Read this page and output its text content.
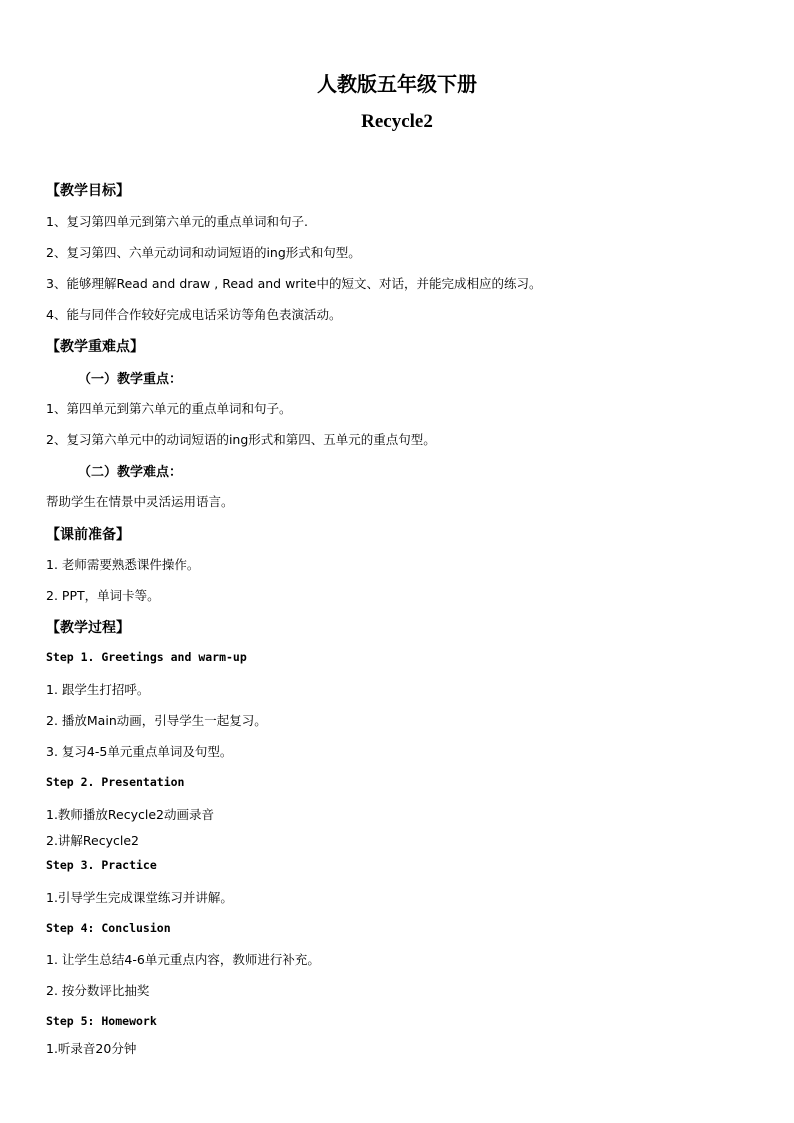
人教版五年级下册
Recycle2
【教学目标】
1、复习第四单元到第六单元的重点单词和句子.
2、复习第四、六单元动词和动词短语的ing形式和句型。
3、能够理解Read and draw , Read and write中的短文、对话，并能完成相应的练习。
4、能与同伴合作较好完成电话采访等角色表演活动。
【教学重难点】
（一）教学重点：
1、第四单元到第六单元的重点单词和句子。
2、复习第六单元中的动词短语的ing形式和第四、五单元的重点句型。
（二）教学难点：
帮助学生在情景中灵活运用语言。
【课前准备】
1. 老师需要熟悉课件操作。
2. PPT，单词卡等。
【教学过程】
Step 1. Greetings and warm-up
1. 跟学生打招呼。
2. 播放Main动画，引导学生一起复习。
3. 复习4-5单元重点单词及句型。
Step 2. Presentation
1.教师播放Recycle2动画录音
2.讲解Recycle2
Step 3. Practice
1.引导学生完成课堂练习并讲解。
Step 4: Conclusion
1. 让学生总结4-6单元重点内容，教师进行补充。
2. 按分数评比抽奖
Step 5: Homework
1.听录音20分钟
